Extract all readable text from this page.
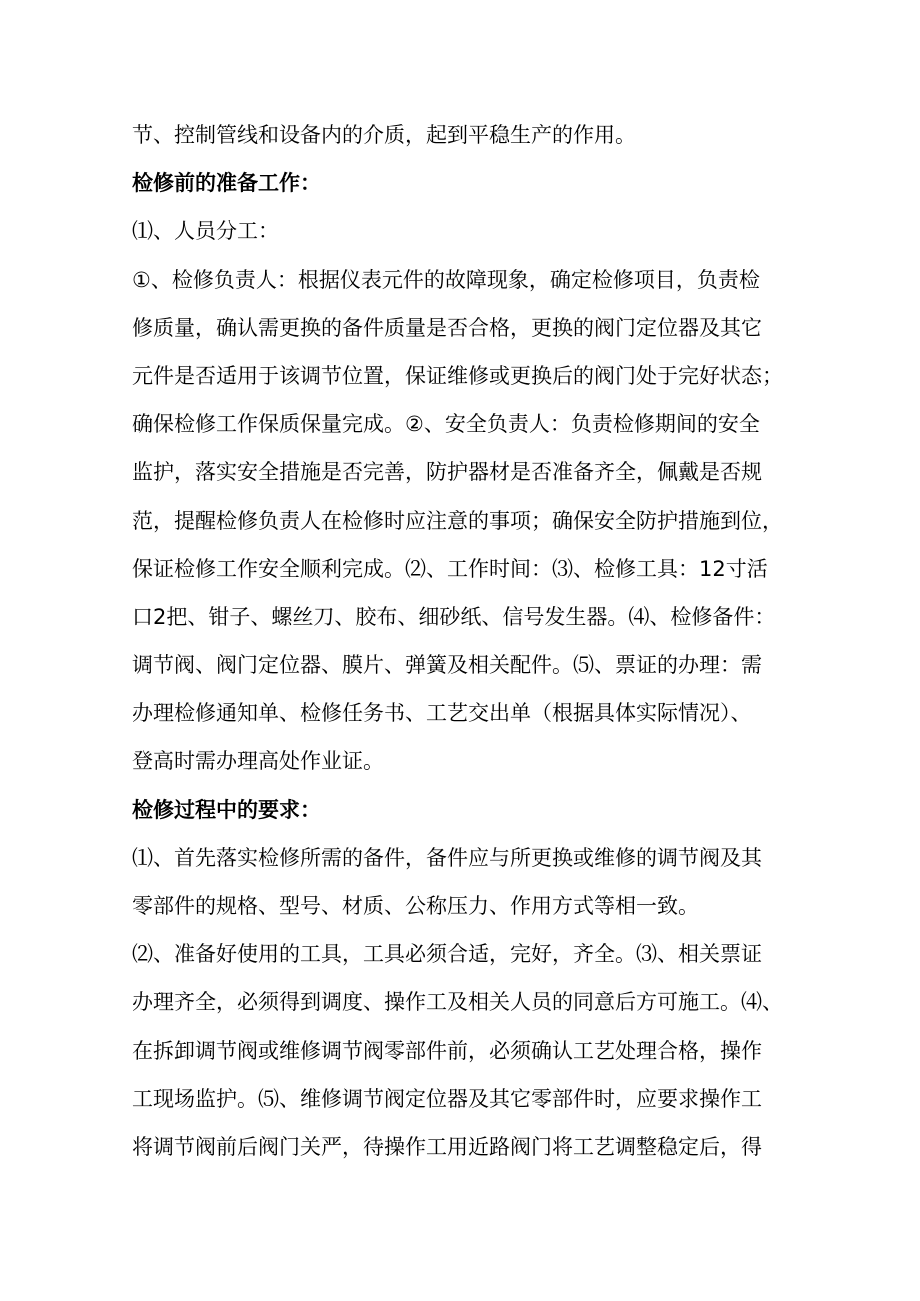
节、控制管线和设备内的介质，起到平稳生产的作用。
检修前的准备工作：
⑴、人员分工：
①、检修负责人：根据仪表元件的故障现象，确定检修项目，负责检
修质量，确认需更换的备件质量是否合格，更换的阀门定位器及其它
元件是否适用于该调节位置，保证维修或更换后的阀门处于完好状态；
确保检修工作保质保量完成。②、安全负责人：负责检修期间的安全
监护，落实安全措施是否完善，防护器材是否准备齐全，佩戴是否规
范，提醒检修负责人在检修时应注意的事项；确保安全防护措施到位，
保证检修工作安全顺利完成。⑵、工作时间：⑶、检修工具：12寸活
口2把、钳子、螺丝刀、胶布、细砂纸、信号发生器。⑷、检修备件：
调节阀、阀门定位器、膜片、弹簧及相关配件。⑸、票证的办理：需
办理检修通知单、检修任务书、工艺交出单（根据具体实际情况）、
登高时需办理高处作业证。
检修过程中的要求：
⑴、首先落实检修所需的备件，备件应与所更换或维修的调节阀及其
零部件的规格、型号、材质、公称压力、作用方式等相一致。
⑵、准备好使用的工具，工具必须合适，完好，齐全。⑶、相关票证
办理齐全，必须得到调度、操作工及相关人员的同意后方可施工。⑷、
在拆卸调节阀或维修调节阀零部件前，必须确认工艺处理合格，操作
工现场监护。⑸、维修调节阀定位器及其它零部件时，应要求操作工
将调节阀前后阀门关严，待操作工用近路阀门将工艺调整稳定后，得
